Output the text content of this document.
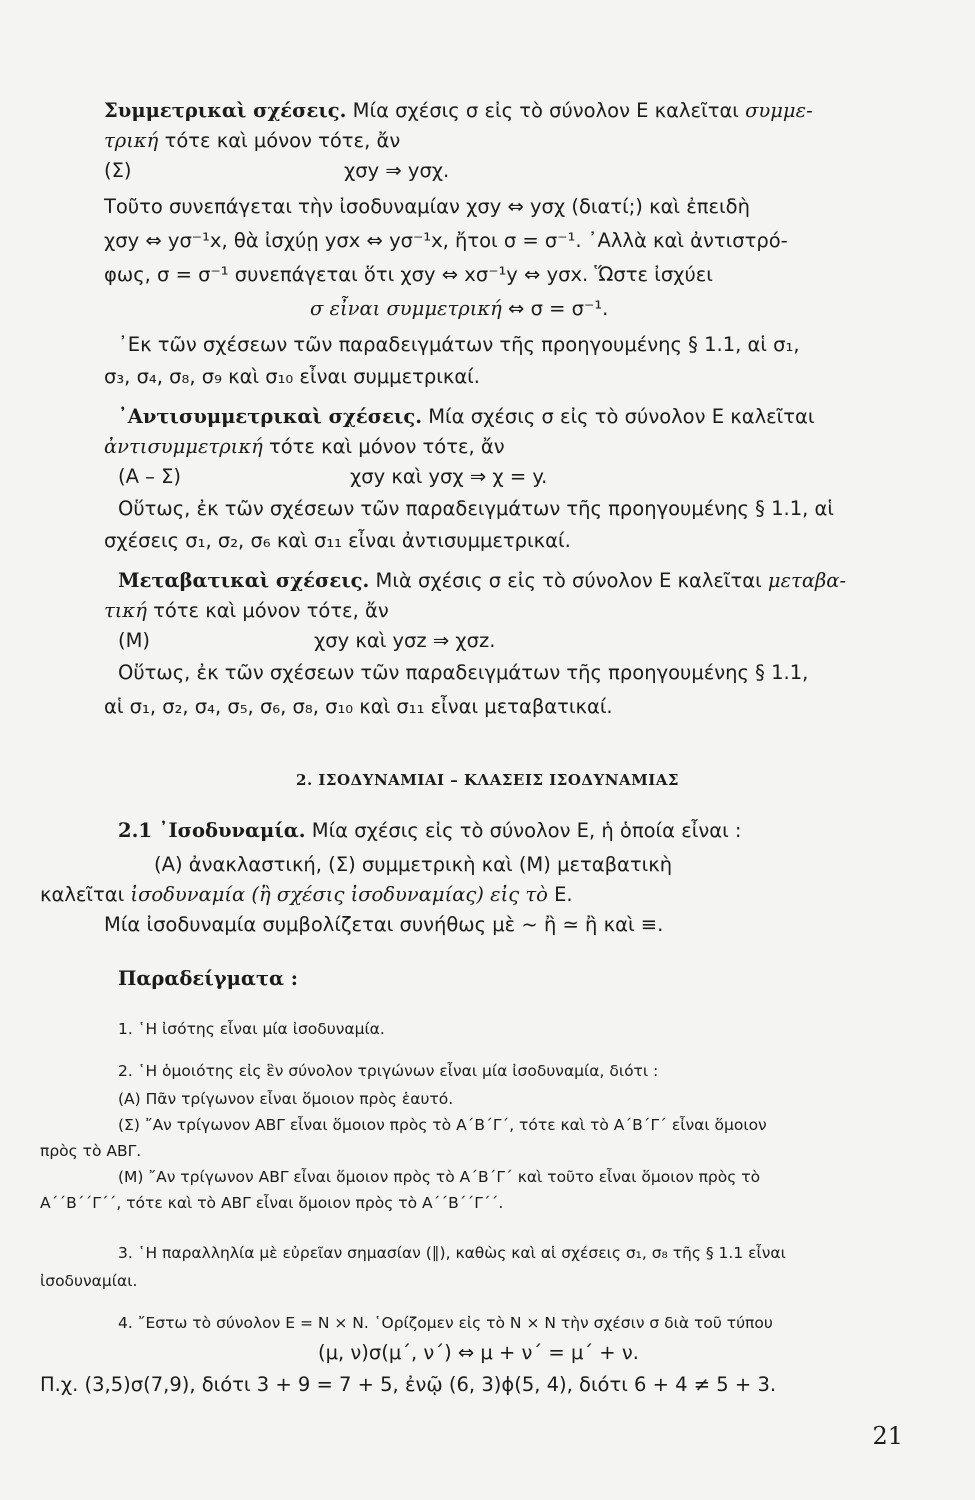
Συμμετρικαὶ σχέσεις. Μία σχέσις σ εἰς τὸ σύνολον Ε καλεῖται συμμε-
τρική τότε καὶ μόνον τότε, ἄν
(Σ)	χσy ⇒ yσχ.
Τοῦτο συνεπάγεται τὴν ἰσοδυναμίαν χσy ⇔ yσχ (διατί;) καὶ ἐπειδὴ
χσy ⇔ yσ⁻¹x, θὰ ἰσχύῃ yσx ⇔ yσ⁻¹x, ἤτοι σ = σ⁻¹. ᾿Αλλὰ καὶ ἀντιστρό-
φως, σ = σ⁻¹ συνεπάγεται ὅτι χσy ⇔ xσ⁻¹y ⇔ yσx. Ὥστε ἰσχύει
σ εἶναι συμμετρική ⇔ σ = σ⁻¹.
᾿Εκ τῶν σχέσεων τῶν παραδειγμάτων τῆς προηγουμένης § 1.1, αἱ σ₁,
σ₃, σ₄, σ₈, σ₉ καὶ σ₁₀ εἶναι συμμετρικαί.
᾿Αντισυμμετρικαὶ σχέσεις. Μία σχέσις σ εἰς τὸ σύνολον Ε καλεῖται
ἀντισυμμετρική τότε καὶ μόνον τότε, ἄν
(Α – Σ)	χσy καὶ yσχ ⇒ χ = y.
Οὕτως, ἐκ τῶν σχέσεων τῶν παραδειγμάτων τῆς προηγουμένης § 1.1, αἱ
σχέσεις σ₁, σ₂, σ₆ καὶ σ₁₁ εἶναι ἀντισυμμετρικαί.
Μεταβατικαὶ σχέσεις. Μιὰ σχέσις σ εἰς τὸ σύνολον Ε καλεῖται μεταβα-
τική τότε καὶ μόνον τότε, ἄν
(Μ)	χσy καὶ yσz ⇒ χσz.
Οὕτως, ἐκ τῶν σχέσεων τῶν παραδειγμάτων τῆς προηγουμένης § 1.1,
αἱ σ₁, σ₂, σ₄, σ₅, σ₆, σ₈, σ₁₀ καὶ σ₁₁ εἶναι μεταβατικαί.
2. ΙΣΟΔΥΝΑΜΙΑΙ – ΚΛΑΣΕΙΣ ΙΣΟΔΥΝΑΜΙΑΣ
2.1 ᾿Ισοδυναμία. Μία σχέσις εἰς τὸ σύνολον Ε, ἡ ὁποία εἶναι :
(Α) ἀνακλαστική, (Σ) συμμετρικὴ καὶ (Μ) μεταβατικὴ
καλεῖται ἰσοδυναμία (ἢ σχέσις ἰσοδυναμίας) εἰς τὸ Ε.
Μία ἰσοδυναμία συμβολίζεται συνήθως μὲ ~ ἢ ≃ ἢ καὶ ≡.
Παραδείγματα :
1. ῾Η ἰσότης εἶναι μία ἰσοδυναμία.
2. ῾Η ὁμοιότης εἰς ἓν σύνολον τριγώνων εἶναι μία ἰσοδυναμία, διότι :
(Α) Πᾶν τρίγωνον εἶναι ὅμοιον πρὸς ἑαυτό.
(Σ) ῎Αν τρίγωνον ΑΒΓ εἶναι ὅμοιον πρὸς τὸ Α΄Β΄Γ΄, τότε καὶ τὸ Α΄Β΄Γ΄ εἶναι ὅμοιον
πρὸς τὸ ΑΒΓ.
(Μ) ῎Αν τρίγωνον ΑΒΓ εἶναι ὅμοιον πρὸς τὸ Α΄Β΄Γ΄ καὶ τοῦτο εἶναι ὅμοιον πρὸς τὸ
Α΄΄Β΄΄Γ΄΄, τότε καὶ τὸ ΑΒΓ εἶναι ὅμοιον πρὸς τὸ Α΄΄Β΄΄Γ΄΄.
3. ῾Η παραλληλία μὲ εὐρεῖαν σημασίαν (∥), καθὼς καὶ αἱ σχέσεις σ₁, σ₈ τῆς § 1.1 εἶναι
ἰσοδυναμίαι.
4. ῎Εστω τὸ σύνολον Ε = Ν × Ν. ῾Ορίζομεν εἰς τὸ Ν × Ν τὴν σχέσιν σ διὰ τοῦ τύπου
(μ, ν)σ(μ΄, ν΄) ⇔ μ + ν΄ = μ΄ + ν.
Π.χ. (3,5)σ(7,9), διότι 3 + 9 = 7 + 5, ἐνῷ (6, 3)ɸ(5, 4), διότι 6 + 4 ≠ 5 + 3.
21
